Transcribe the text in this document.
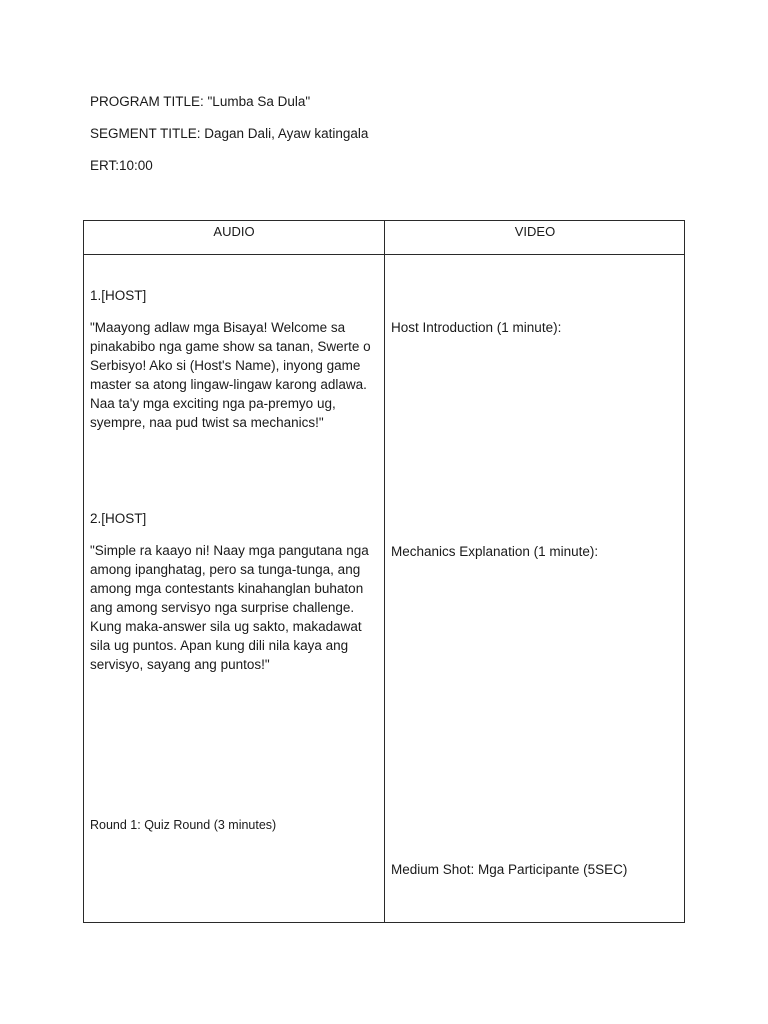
PROGRAM TITLE: "Lumba Sa Dula"
SEGMENT TITLE: Dagan Dali, Ayaw katingala
ERT:10:00
AUDIO	VIDEO
1.[HOST]
"Maayong adlaw mga Bisaya! Welcome sa pinakabibo nga game show sa tanan, Swerte o Serbisyo! Ako si (Host's Name), inyong game master sa atong lingaw-lingaw karong adlawa. Naa ta'y mga exciting nga pa-premyo ug, syempre, naa pud twist sa mechanics!"
2.[HOST]
"Simple ra kaayo ni! Naay mga pangutana nga among ipanghatag, pero sa tunga-tunga, ang among mga contestants kinahanglan buhaton ang among servisyo nga surprise challenge. Kung maka-answer sila ug sakto, makadawat sila ug puntos. Apan kung dili nila kaya ang servisyo, sayang ang puntos!"
Round 1: Quiz Round (3 minutes)
Host Introduction (1 minute):
Mechanics Explanation (1 minute):
Medium Shot: Mga Participante (5SEC)
